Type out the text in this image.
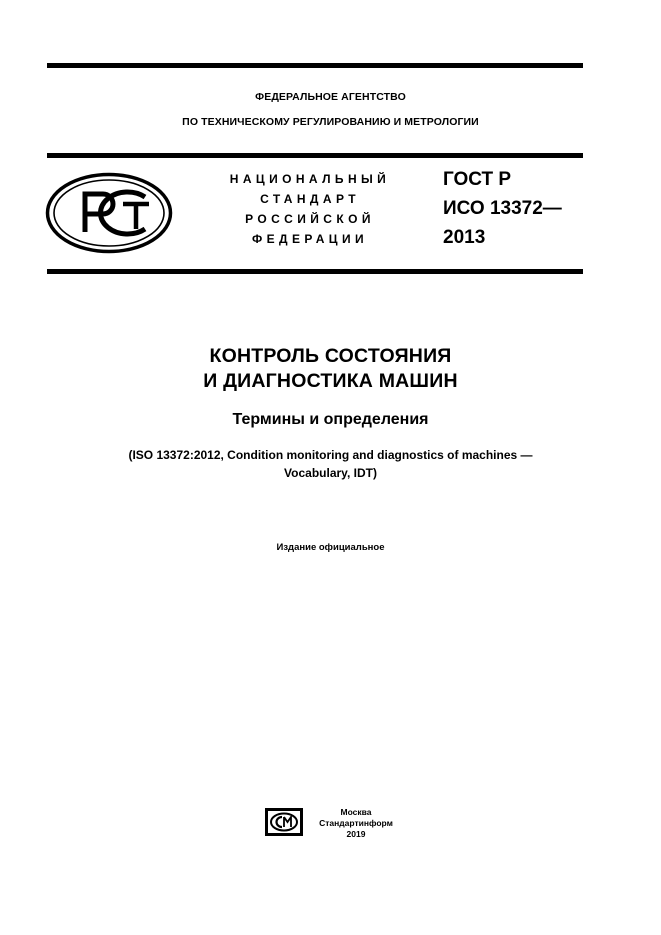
ФЕДЕРАЛЬНОЕ АГЕНТСТВО
ПО ТЕХНИЧЕСКОМУ РЕГУЛИРОВАНИЮ И МЕТРОЛОГИИ
НАЦИОНАЛЬНЫЙ
СТАНДАРТ
РОССИЙСКОЙ
ФЕДЕРАЦИИ
ГОСТ Р
ИСО 13372—
2013
КОНТРОЛЬ СОСТОЯНИЯ
И ДИАГНОСТИКА МАШИН
Термины и определения
(ISO 13372:2012, Condition monitoring and diagnostics of machines —
Vocabulary, IDT)
Издание официальное
Москва
Стандартинформ
2019
